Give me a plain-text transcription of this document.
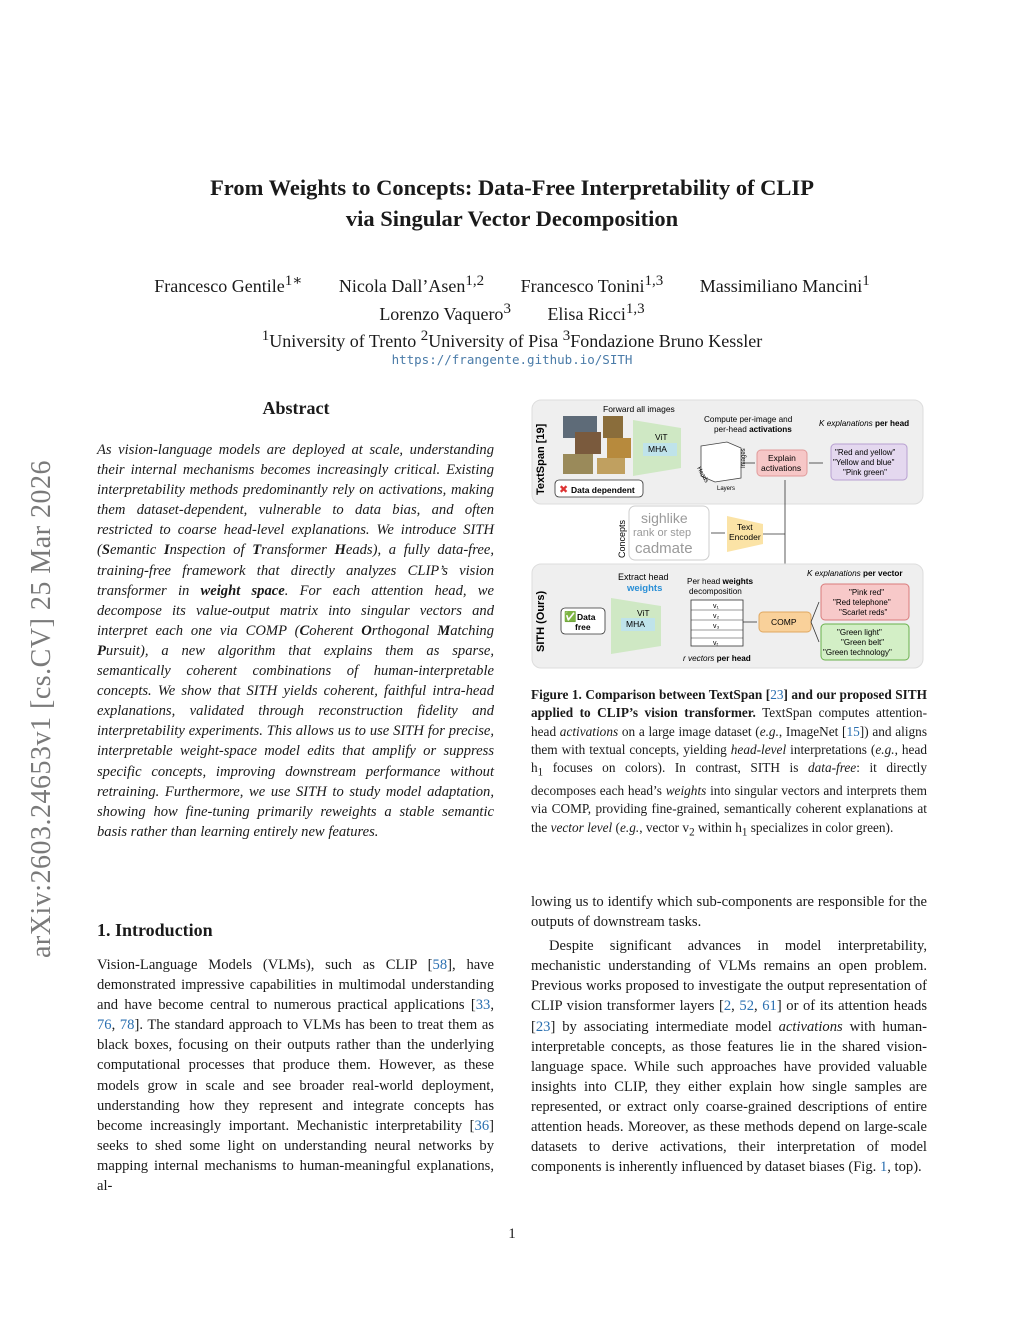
From Weights to Concepts: Data-Free Interpretability of CLIP
via Singular Vector Decomposition
Francesco Gentile$^{1∗}$ Nicola Dall’Asen$^{1,2}$ Francesco Tonini$^{1,3}$ Massimiliano Mancini$^1$
Lorenzo Vaquero$^3$ Elisa Ricci$^{1,3}$
$^1$University of Trento $^2$University of Pisa $^3$Fondazione Bruno Kessler
https://frangente.github.io/SITH
arXiv:2603.24653v1 [cs.CV] 25 Mar 2026
Abstract
As vision-language models are deployed at scale, understanding their internal mechanisms becomes increasingly critical. Existing interpretability methods predominantly rely on activations, making them dataset-dependent, vulnerable to data bias, and often restricted to coarse head-level explanations. We introduce SITH (Semantic Inspection of Transformer Heads), a fully data-free, training-free framework that directly analyzes CLIP’s vision transformer in weight space. For each attention head, we decompose its value-output matrix into singular vectors and interpret each one via COMP (Coherent Orthogonal Matching Pursuit), a new algorithm that explains them as sparse, semantically coherent combinations of human-interpretable concepts. We show that SITH yields coherent, faithful intra-head explanations, validated through reconstruction fidelity and interpretability experiments. This allows us to use SITH for precise, interpretable weight-space model edits that amplify or suppress specific concepts, improving downstream performance without retraining. Furthermore, we use SITH to study model adaptation, showing how fine-tuning primarily reweights a stable semantic basis rather than learning entirely new features.
1. Introduction
Vision-Language Models (VLMs), such as CLIP [58], have demonstrated impressive capabilities in multimodal understanding and have become central to numerous practical applications [33, 76, 78]. The standard approach to VLMs has been to treat them as black boxes, focusing on their outputs rather than the underlying computational processes that produce them. However, as these models grow in scale and see broader real-world deployment, understanding how they represent and integrate concepts has become increasingly important. Mechanistic interpretability [36] seeks to shed some light on understanding neural networks by mapping internal mechanisms to human-meaningful explanations, al-
TextSpan [19]
Forward all images
ViT
MHA
Compute per-image and
per-head activations
K explanations per head
Layers
Heads
Images Explain
activations
"Red and yellow"
"Yellow and blue"
"Pink green"
✖ Data dependent
Concepts
sighlike
rank or step
cadmate
Text
Encoder
SITH (Ours) ✅ Data
free
Extract head
weights
ViT
MHA
Per head weights
decomposition
v₁
v₂
v₃
vᵣ
r vectors per head
COMP
K explanations per vector
"Pink red"
"Red telephone"
"Scarlet reds"
"Green light"
"Green belt"
"Green technology"
Figure 1. Comparison between TextSpan [23] and our proposed SITH applied to CLIP’s vision transformer. TextSpan computes attention-head activations on a large image dataset (e.g., ImageNet [15]) and aligns them with textual concepts, yielding head-level interpretations (e.g., head $h_1$ focuses on colors). In contrast, SITH is data-free: it directly decomposes each head’s weights into singular vectors and interprets them via COMP, providing fine-grained, semantically coherent explanations at the vector level (e.g., vector $v_2$ within $h_1$ specializes in color green).

lowing us to identify which sub-components are responsible for the outputs of downstream tasks.

Despite significant advances in model interpretability, mechanistic understanding of VLMs remains an open problem. Previous works proposed to investigate the output representation of CLIP vision transformer layers [2, 52, 61] or of its attention heads [23] by associating intermediate model activations with human-interpretable concepts, as those features lie in the shared vision-language space. While such approaches have provided valuable insights into CLIP, they either explain how single samples are represented, or extract only coarse-grained descriptions of entire attention heads. Moreover, as these methods depend on large-scale datasets to derive activations, their interpretation of model components is inherently influenced by dataset biases (Fig. 1, top).

1
